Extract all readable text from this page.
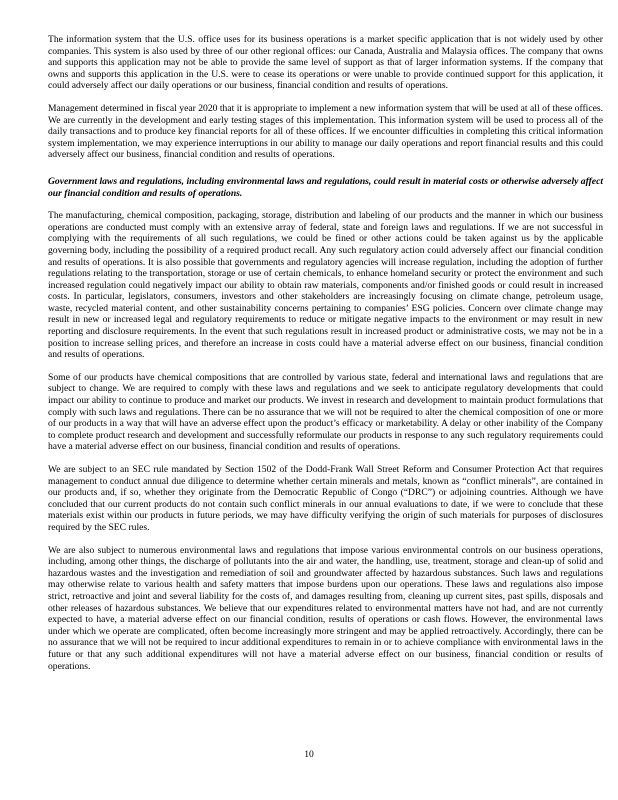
The information system that the U.S. office uses for its business operations is a market specific application that is not widely used by other companies. This system is also used by three of our other regional offices: our Canada, Australia and Malaysia offices. The company that owns and supports this application may not be able to provide the same level of support as that of larger information systems. If the company that owns and supports this application in the U.S. were to cease its operations or were unable to provide continued support for this application, it could adversely affect our daily operations or our business, financial condition and results of operations.

Management determined in fiscal year 2020 that it is appropriate to implement a new information system that will be used at all of these offices. We are currently in the development and early testing stages of this implementation. This information system will be used to process all of the daily transactions and to produce key financial reports for all of these offices. If we encounter difficulties in completing this critical information system implementation, we may experience interruptions in our ability to manage our daily operations and report financial results and this could adversely affect our business, financial condition and results of operations.

Government laws and regulations, including environmental laws and regulations, could result in material costs or otherwise adversely affect our financial condition and results of operations.

The manufacturing, chemical composition, packaging, storage, distribution and labeling of our products and the manner in which our business operations are conducted must comply with an extensive array of federal, state and foreign laws and regulations. If we are not successful in complying with the requirements of all such regulations, we could be fined or other actions could be taken against us by the applicable governing body, including the possibility of a required product recall. Any such regulatory action could adversely affect our financial condition and results of operations. It is also possible that governments and regulatory agencies will increase regulation, including the adoption of further regulations relating to the transportation, storage or use of certain chemicals, to enhance homeland security or protect the environment and such increased regulation could negatively impact our ability to obtain raw materials, components and/or finished goods or could result in increased costs. In particular, legislators, consumers, investors and other stakeholders are increasingly focusing on climate change, petroleum usage, waste, recycled material content, and other sustainability concerns pertaining to companies’ ESG policies. Concern over climate change may result in new or increased legal and regulatory requirements to reduce or mitigate negative impacts to the environment or may result in new reporting and disclosure requirements. In the event that such regulations result in increased product or administrative costs, we may not be in a position to increase selling prices, and therefore an increase in costs could have a material adverse effect on our business, financial condition and results of operations.

Some of our products have chemical compositions that are controlled by various state, federal and international laws and regulations that are subject to change. We are required to comply with these laws and regulations and we seek to anticipate regulatory developments that could impact our ability to continue to produce and market our products. We invest in research and development to maintain product formulations that comply with such laws and regulations. There can be no assurance that we will not be required to alter the chemical composition of one or more of our products in a way that will have an adverse effect upon the product’s efficacy or marketability. A delay or other inability of the Company to complete product research and development and successfully reformulate our products in response to any such regulatory requirements could have a material adverse effect on our business, financial condition and results of operations.

We are subject to an SEC rule mandated by Section 1502 of the Dodd-Frank Wall Street Reform and Consumer Protection Act that requires management to conduct annual due diligence to determine whether certain minerals and metals, known as “conflict minerals”, are contained in our products and, if so, whether they originate from the Democratic Republic of Congo (“DRC”) or adjoining countries. Although we have concluded that our current products do not contain such conflict minerals in our annual evaluations to date, if we were to conclude that these materials exist within our products in future periods, we may have difficulty verifying the origin of such materials for purposes of disclosures required by the SEC rules.

We are also subject to numerous environmental laws and regulations that impose various environmental controls on our business operations, including, among other things, the discharge of pollutants into the air and water, the handling, use, treatment, storage and clean-up of solid and hazardous wastes and the investigation and remediation of soil and groundwater affected by hazardous substances. Such laws and regulations may otherwise relate to various health and safety matters that impose burdens upon our operations. These laws and regulations also impose strict, retroactive and joint and several liability for the costs of, and damages resulting from, cleaning up current sites, past spills, disposals and other releases of hazardous substances. We believe that our expenditures related to environmental matters have not had, and are not currently expected to have, a material adverse effect on our financial condition, results of operations or cash flows. However, the environmental laws under which we operate are complicated, often become increasingly more stringent and may be applied retroactively. Accordingly, there can be no assurance that we will not be required to incur additional expenditures to remain in or to achieve compliance with environmental laws in the future or that any such additional expenditures will not have a material adverse effect on our business, financial condition or results of operations.

10
